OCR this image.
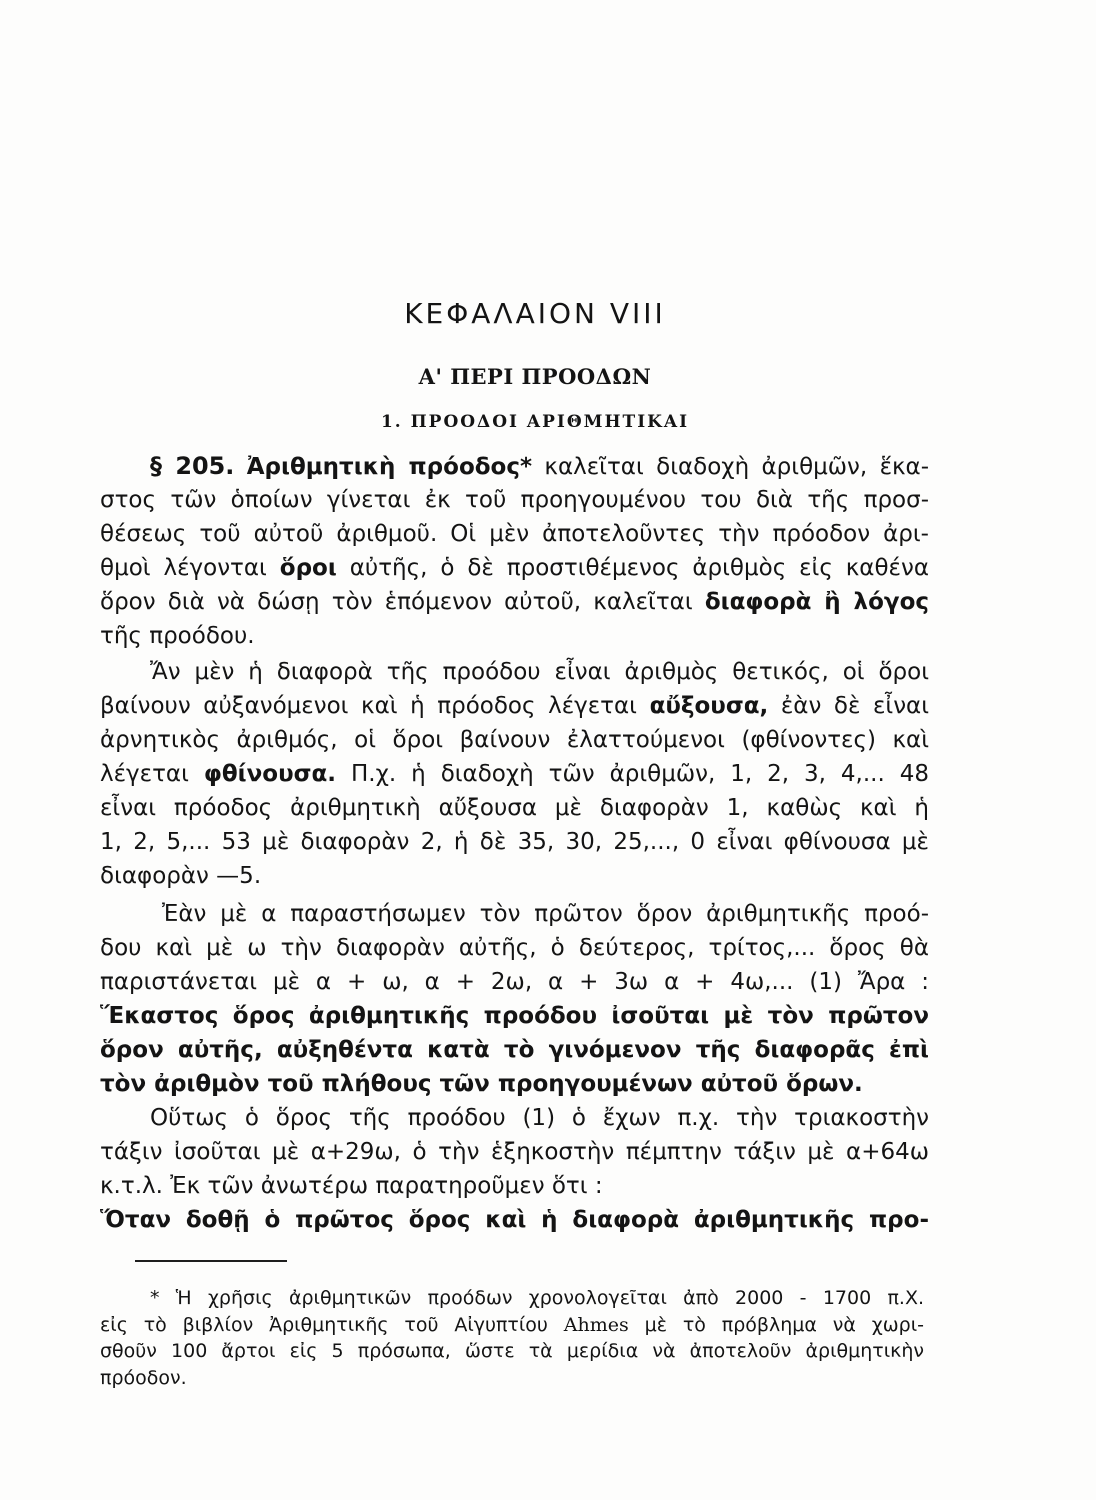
ΚΕΦΑΛΑΙΟΝ VIII
Α' ΠΕΡΙ ΠΡΟΟΔΩΝ
1. ΠΡΟΟΔΟΙ ΑΡΙΘΜΗΤΙΚΑΙ
§ 205. Ἀριθμητικὴ πρόοδος* καλεῖται διαδοχὴ ἀριθμῶν, ἕκα-
στος τῶν ὁποίων γίνεται ἐκ τοῦ προηγουμένου του διὰ τῆς προσ-
θέσεως τοῦ αὐτοῦ ἀριθμοῦ. Οἱ μὲν ἀποτελοῦντες τὴν πρόοδον ἀρι-
θμοὶ λέγονται ὅροι αὐτῆς, ὁ δὲ προστιθέμενος ἀριθμὸς εἰς καθένα
ὅρον διὰ νὰ δώσῃ τὸν ἑπόμενον αὐτοῦ, καλεῖται διαφορὰ ἢ λόγος
τῆς προόδου.
Ἄν μὲν ἡ διαφορὰ τῆς προόδου εἶναι ἀριθμὸς θετικός, οἱ ὅροι
βαίνουν αὐξανόμενοι καὶ ἡ πρόοδος λέγεται αὔξουσα, ἐὰν δὲ εἶναι
ἀρνητικὸς ἀριθμός, οἱ ὅροι βαίνουν ἐλαττούμενοι (φθίνοντες) καὶ
λέγεται φθίνουσα. Π.χ. ἡ διαδοχὴ τῶν ἀριθμῶν, 1, 2, 3, 4,... 48
εἶναι πρόοδος ἀριθμητικὴ αὔξουσα μὲ διαφορὰν 1, καθὼς καὶ ἡ
1, 2, 5,... 53 μὲ διαφορὰν 2, ἡ δὲ 35, 30, 25,..., 0 εἶναι φθίνουσα μὲ
διαφορὰν —5.
Ἐὰν μὲ α παραστήσωμεν τὸν πρῶτον ὅρον ἀριθμητικῆς προό-
δου καὶ μὲ ω τὴν διαφορὰν αὐτῆς, ὁ δεύτερος, τρίτος,... ὅρος θὰ
παριστάνεται μὲ α + ω, α + 2ω, α + 3ω α + 4ω,... (1) Ἄρα :
Ἕκαστος ὅρος ἀριθμητικῆς προόδου ἰσοῦται μὲ τὸν πρῶτον
ὅρον αὐτῆς, αὐξηθέντα κατὰ τὸ γινόμενον τῆς διαφορᾶς ἐπὶ
τὸν ἀριθμὸν τοῦ πλήθους τῶν προηγουμένων αὐτοῦ ὅρων.
Οὕτως ὁ ὅρος τῆς προόδου (1) ὁ ἔχων π.χ. τὴν τριακοστὴν
τάξιν ἰσοῦται μὲ α+29ω, ὁ τὴν ἑξηκοστὴν πέμπτην τάξιν μὲ α+64ω
κ.τ.λ. Ἐκ τῶν ἀνωτέρω παρατηροῦμεν ὅτι :
Ὅταν δοθῇ ὁ πρῶτος ὅρος καὶ ἡ διαφορὰ ἀριθμητικῆς προ-
* Ἡ χρῆσις ἀριθμητικῶν προόδων χρονολογεῖται ἀπὸ 2000 - 1700 π.Χ.
εἰς τὸ βιβλίον Ἀριθμητικῆς τοῦ Αἰγυπτίου Ahmes μὲ τὸ πρόβλημα νὰ χωρι-
σθοῦν 100 ἄρτοι εἰς 5 πρόσωπα, ὥστε τὰ μερίδια νὰ ἀποτελοῦν ἀριθμητικὴν
πρόοδον.
